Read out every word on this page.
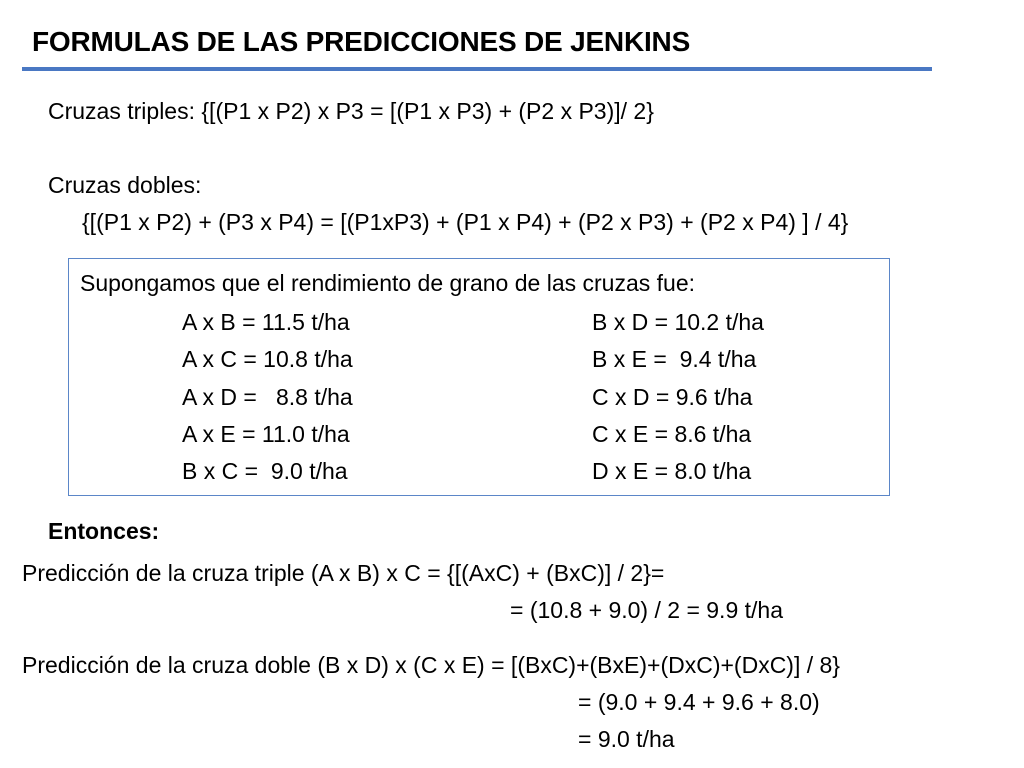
FORMULAS DE LAS PREDICCIONES DE JENKINS
Cruzas triples: {[(P1 x P2) x P3 = [(P1 x P3) + (P2 x P3)]/ 2}
Cruzas dobles:
{[(P1 x P2) + (P3 x P4) = [(P1xP3) + (P1 x P4) + (P2 x P3) + (P2 x P4) ] / 4}
Supongamos que el rendimiento de grano de las cruzas fue:
A x B = 11.5 t/ha
A x C = 10.8 t/ha
A x D =   8.8 t/ha
A x E = 11.0 t/ha
B x C =  9.0 t/ha
B x D = 10.2 t/ha
B x E =  9.4 t/ha
C x D = 9.6 t/ha
C x E = 8.6 t/ha
D x E = 8.0 t/ha
Entonces:
Predicción de la cruza triple (A x B) x C = {[(AxC) + (BxC)] / 2}=
= (10.8 + 9.0) / 2 = 9.9 t/ha
Predicción de la cruza doble (B x D) x (C x E) = [(BxC)+(BxE)+(DxC)+(DxC)] / 8}
= (9.0 + 9.4 + 9.6 + 8.0)
= 9.0 t/ha
